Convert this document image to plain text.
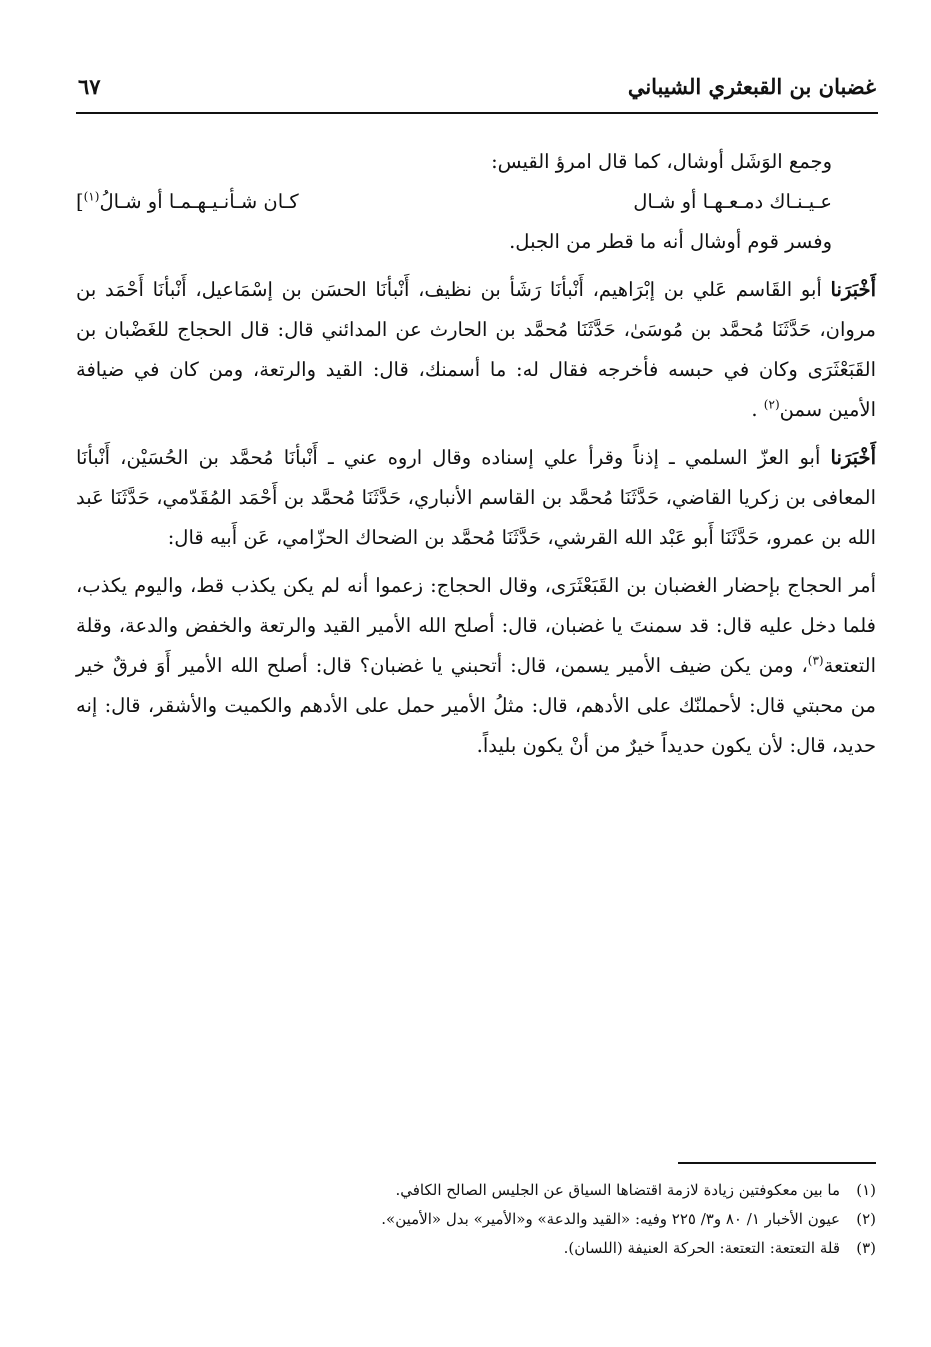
غضبان بن القبعثري الشيباني
٦٧

وجمع الوَشَل أوشال، كما قال امرؤ القيس:

عـيـنـاك دمـعـهـا أو شـال
كـان شـأنـيـهـمـا أو شـالُ$^{(١)}$]

وفسر قوم أوشال أنه ما قطر من الجبل.

أَخْبَرَنا أبو القَاسم عَلي بن إبْرَاهيم، أَنْبأنَا رَشَأ بن نظيف، أَنْبأنَا الحسَن بن إسْمَاعيل، أَنْبأنَا أَحْمَد بن مروان، حَدَّثَنَا مُحمَّد بن مُوسَىٰ، حَدَّثَنَا مُحمَّد بن الحارث عن المدائني قال: قال الحجاج للغَضْبان بن القَبَعْثَرَى وكان في حبسه فأخرجه فقال له: ما أسمنك، قال: القيد والرتعة، ومن كان في ضيافة الأمين سمن$^{(٢)}$ .

أَخْبَرَنا أبو العزّ السلمي ـ إذناً وقرأ علي إسناده وقال اروه عني ـ أَنْبأنَا مُحمَّد بن الحُسَيْن، أَنْبأنَا المعافى بن زكريا القاضي، حَدَّثَنَا مُحمَّد بن القاسم الأنباري، حَدَّثَنَا مُحمَّد بن أَحْمَد المُقَدّمي، حَدَّثَنَا عَبد الله بن عمرو، حَدَّثَنَا أَبو عَبْد الله القرشي، حَدَّثَنَا مُحمَّد بن الضحاك الحزّامي، عَن أَبيه قال:

أمر الحجاج بإحضار الغضبان بن القَبَعْثَرَى، وقال الحجاج: زعموا أنه لم يكن يكذب قط، واليوم يكذب، فلما دخل عليه قال: قد سمنتَ يا غضبان، قال: أصلح الله الأمير القيد والرتعة والخفض والدعة، وقلة التعتعة$^{(٣)}$، ومن يكن ضيف الأمير يسمن، قال: أتحبني يا غضبان؟ قال: أصلح الله الأمير أَوَ فرقٌ خير من محبتي قال: لأحملنّك على الأدهم، قال: مثلُ الأمير حمل على الأدهم والكميت والأشقر، قال: إنه حديد، قال: لأن يكون حديداً خيرٌ من أنْ يكون بليداً.

(١)ما بين معكوفتين زيادة لازمة اقتضاها السياق عن الجليس الصالح الكافي.

(٢)عيون الأخبار ١/ ٨٠ و٣/ ٢٢٥ وفيه: «القيد والدعة» و«الأمير» بدل «الأمين».

(٣)قلة التعتعة: التعتعة: الحركة العنيفة (اللسان).
